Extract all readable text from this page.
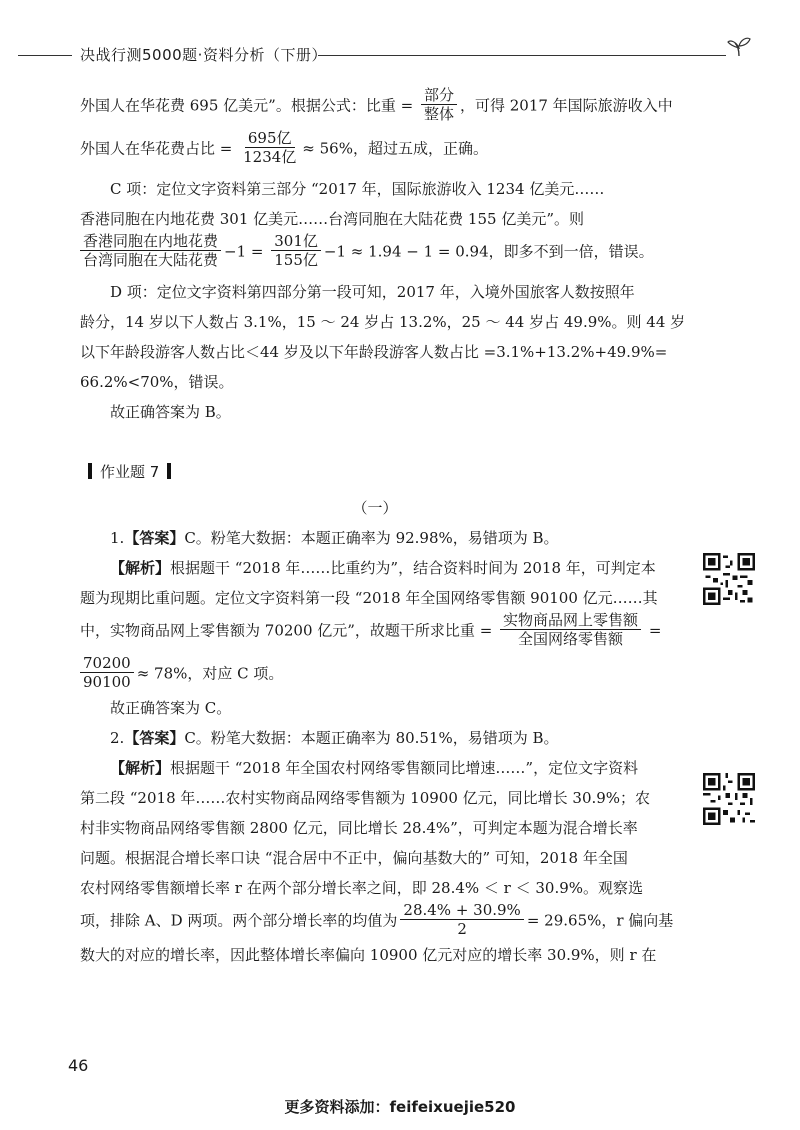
决战行测5000题·资料分析（下册）

外国人在华花费 695 亿美元”。根据公式：比重 = $\frac{\text{部分}}{\text{整体}}$ ，可得 2017 年国际旅游收入中

外国人在华花费占比 = $\frac{\text{695亿}}{\text{1234亿}} \approx 56\%$，超过五成，正确。

C 项：定位文字资料第三部分 “2017 年，国际旅游收入 1234 亿美元……

香港同胞在内地花费 301 亿美元……台湾同胞在大陆花费 155 亿美元”。则

$\frac{\text{香港同胞在内地花费}}{\text{台湾同胞在大陆花费}} -1 = \frac{\text{301亿}}{\text{155亿}} -1 \approx 1.94 - 1 = 0.94$，即多不到一倍，错误。

D 项：定位文字资料第四部分第一段可知，2017 年，入境外国旅客人数按照年

龄分，14 岁以下人数占 3.1%，15 ～ 24 岁占 13.2%，25 ～ 44 岁占 49.9%。则 44 岁

以下年龄段游客人数占比＜44 岁及以下年龄段游客人数占比 =3.1%+13.2%+49.9%=

66.2%<70%，错误。

故正确答案为 B。

作业题 7

（一）

1.【答案】C。粉笔大数据：本题正确率为 92.98%，易错项为 B。

【解析】根据题干 “2018 年……比重约为”，结合资料时间为 2018 年，可判定本

题为现期比重问题。定位文字资料第一段 “2018 年全国网络零售额 90100 亿元……其

中，实物商品网上零售额为 70200 亿元”，故题干所求比重 = $\frac{\text{实物商品网上零售额}}{\text{全国网络零售额}}$ =

$\frac{70200}{90100} \approx 78\%$，对应 C 项。

故正确答案为 C。

2.【答案】C。粉笔大数据：本题正确率为 80.51%，易错项为 B。

【解析】根据题干 “2018 年全国农村网络零售额同比增速……”，定位文字资料

第二段 “2018 年……农村实物商品网络零售额为 10900 亿元，同比增长 30.9%；农

村非实物商品网络零售额 2800 亿元，同比增长 28.4%”，可判定本题为混合增长率

问题。根据混合增长率口诀 “混合居中不正中，偏向基数大的” 可知，2018 年全国

农村网络零售额增长率 r 在两个部分增长率之间，即 28.4% ＜ r ＜ 30.9%。观察选

项，排除 A、D 两项。两个部分增长率的均值为 $\frac{28.4\% + 30.9\%}{2} = 29.65\%$，r 偏向基

数大的对应的增长率，因此整体增长率偏向 10900 亿元对应的增长率 30.9%，则 r 在

46
更多资料添加：feifeixuejie520
